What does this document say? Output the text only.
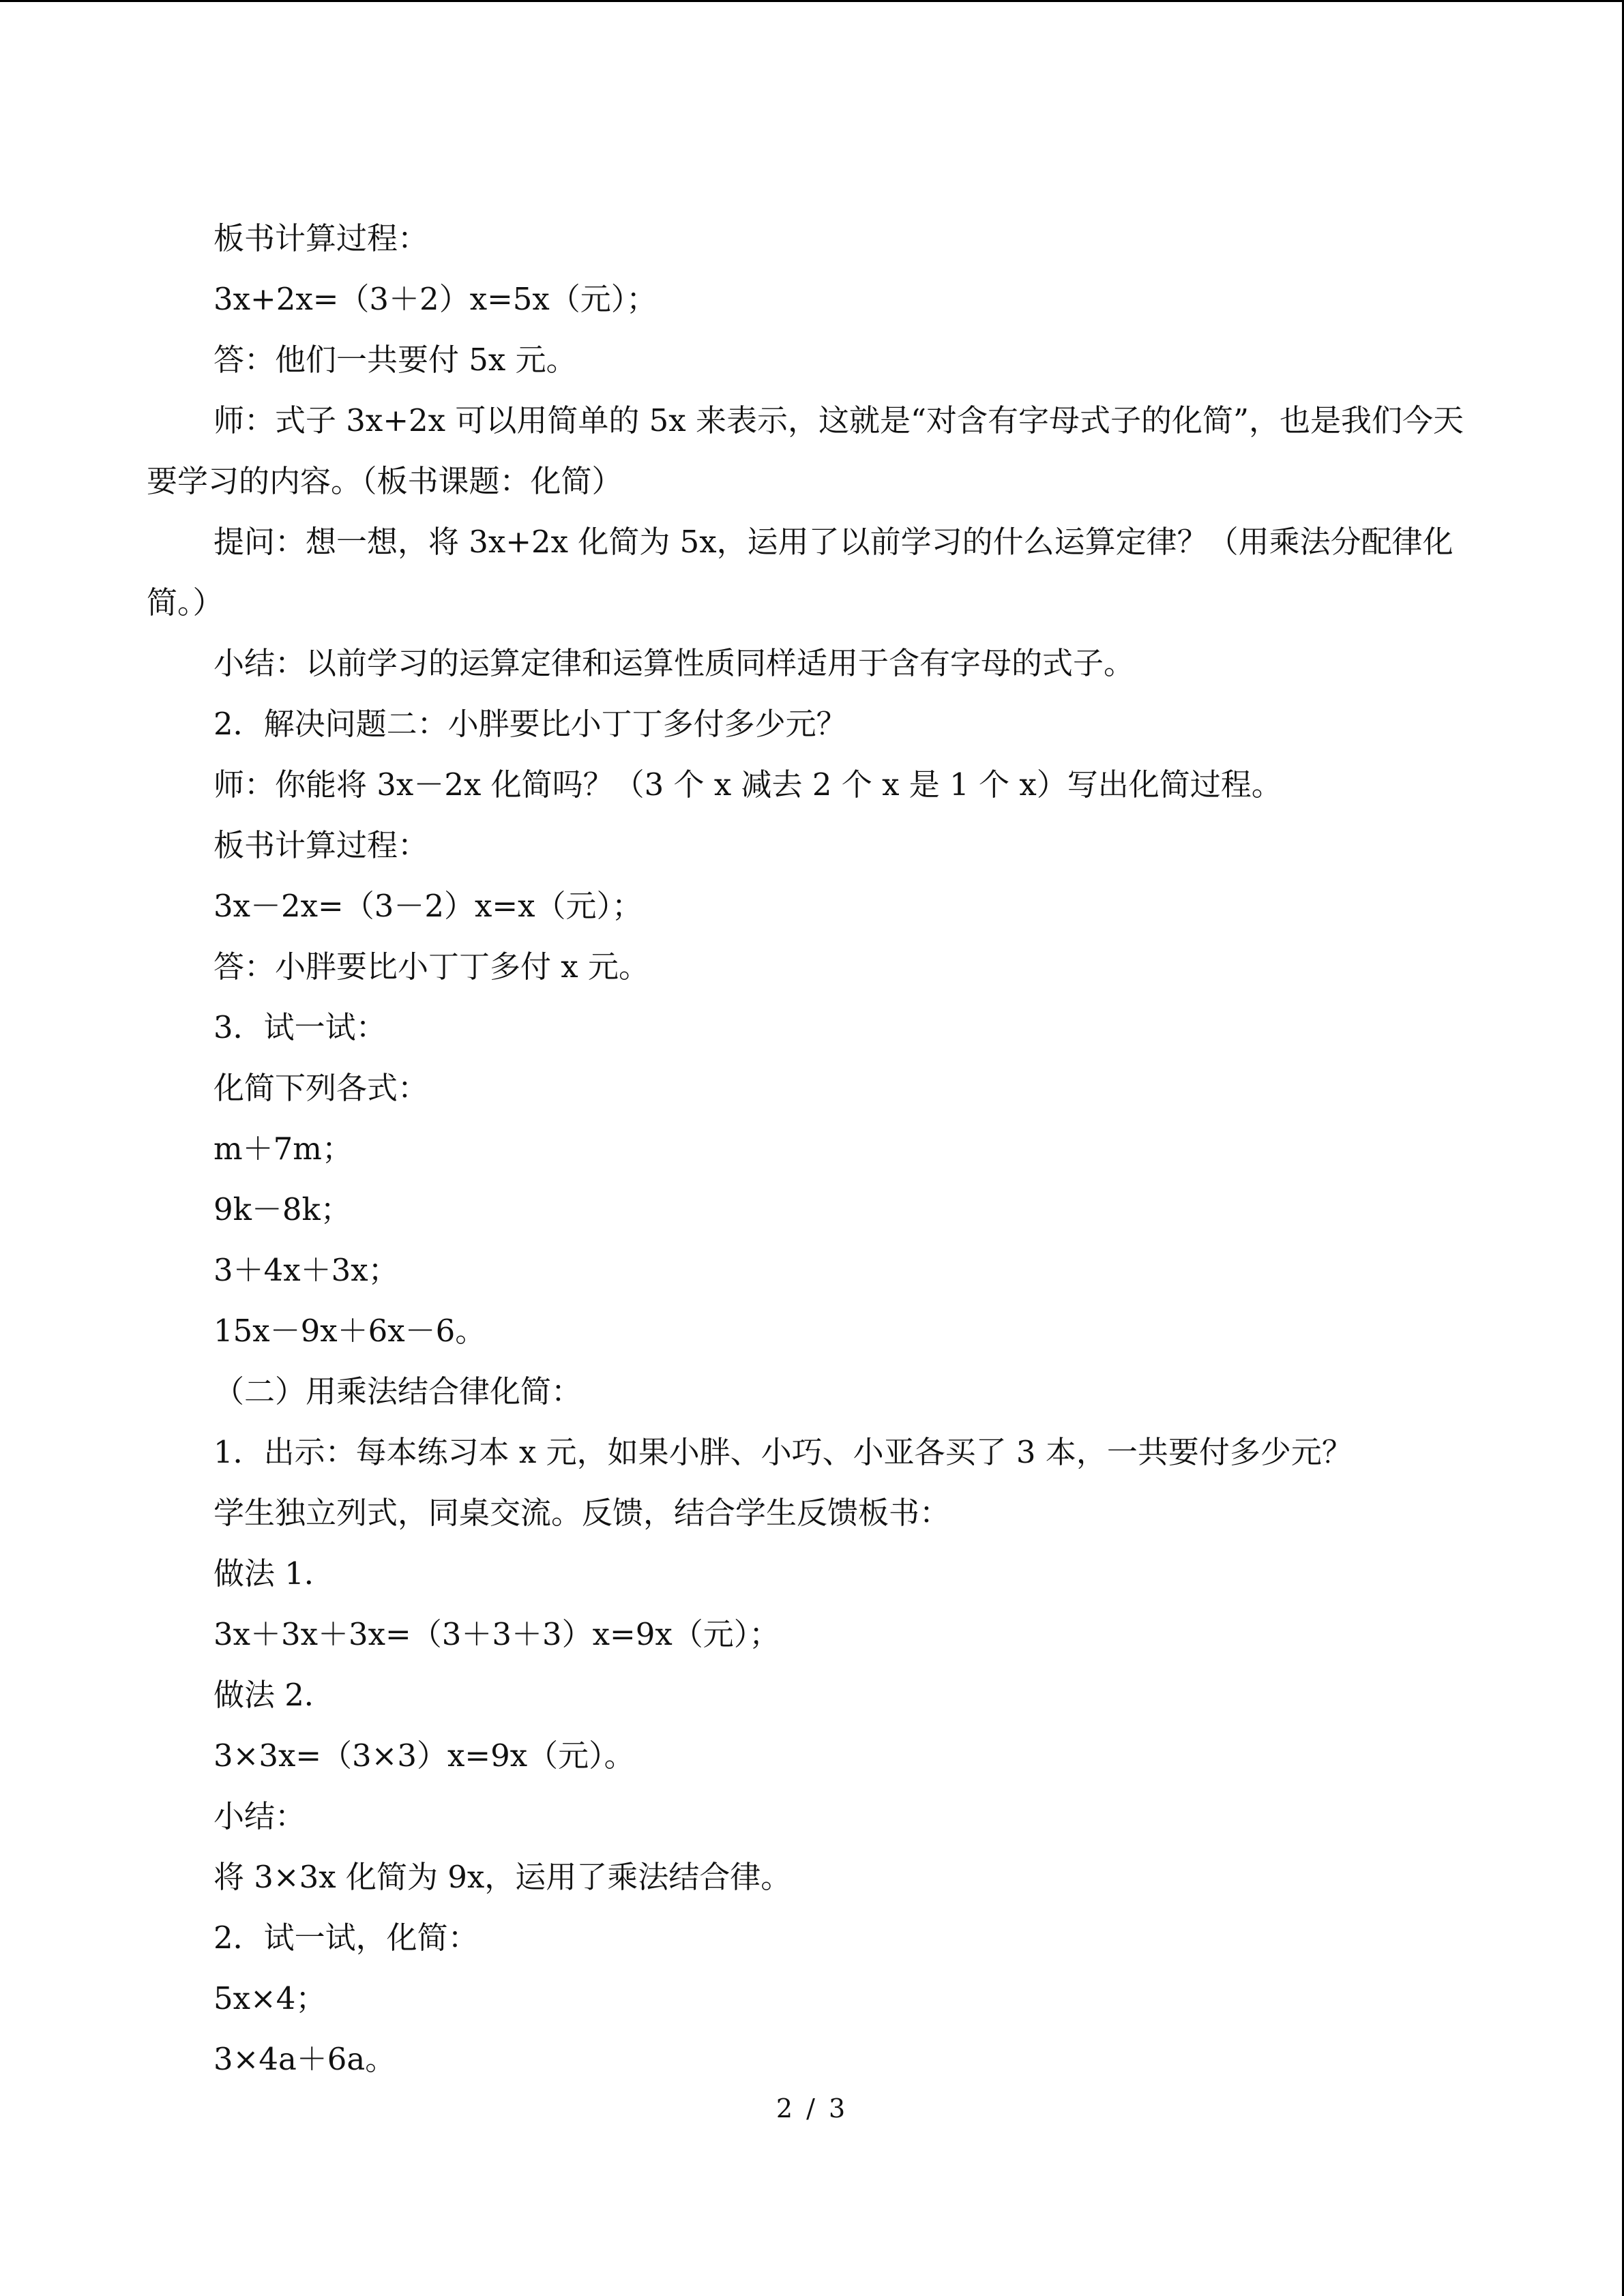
板书计算过程：

3x+2x=（3＋2）x=5x（元）；

答：他们一共要付 5x 元。

师：式子 3x+2x 可以用简单的 5x 来表示，这就是“对含有字母式子的化简”，也是我们今天要学习的内容。（板书课题：化简）

提问：想一想，将 3x+2x 化简为 5x，运用了以前学习的什么运算定律？（用乘法分配律化简。）

小结：以前学习的运算定律和运算性质同样适用于含有字母的式子。

2．解决问题二：小胖要比小丁丁多付多少元？

师：你能将 3x－2x 化简吗？（3 个 x 减去 2 个 x 是 1 个 x）写出化简过程。

板书计算过程：

3x－2x=（3－2）x=x（元）；

答：小胖要比小丁丁多付 x 元。

3．试一试：

化简下列各式：

m＋7m；

9k－8k；

3＋4x＋3x；

15x－9x＋6x－6。

（二）用乘法结合律化简：

1．出示：每本练习本 x 元，如果小胖、小巧、小亚各买了 3 本，一共要付多少元？

学生独立列式，同桌交流。反馈，结合学生反馈板书：

做法 1．

3x＋3x＋3x=（3＋3＋3）x=9x（元）；

做法 2．

3×3x=（3×3）x=9x（元）。

小结：

将 3×3x 化简为 9x，运用了乘法结合律。

2．试一试，化简：

5x×4；

3×4a＋6a。

2 / 3
